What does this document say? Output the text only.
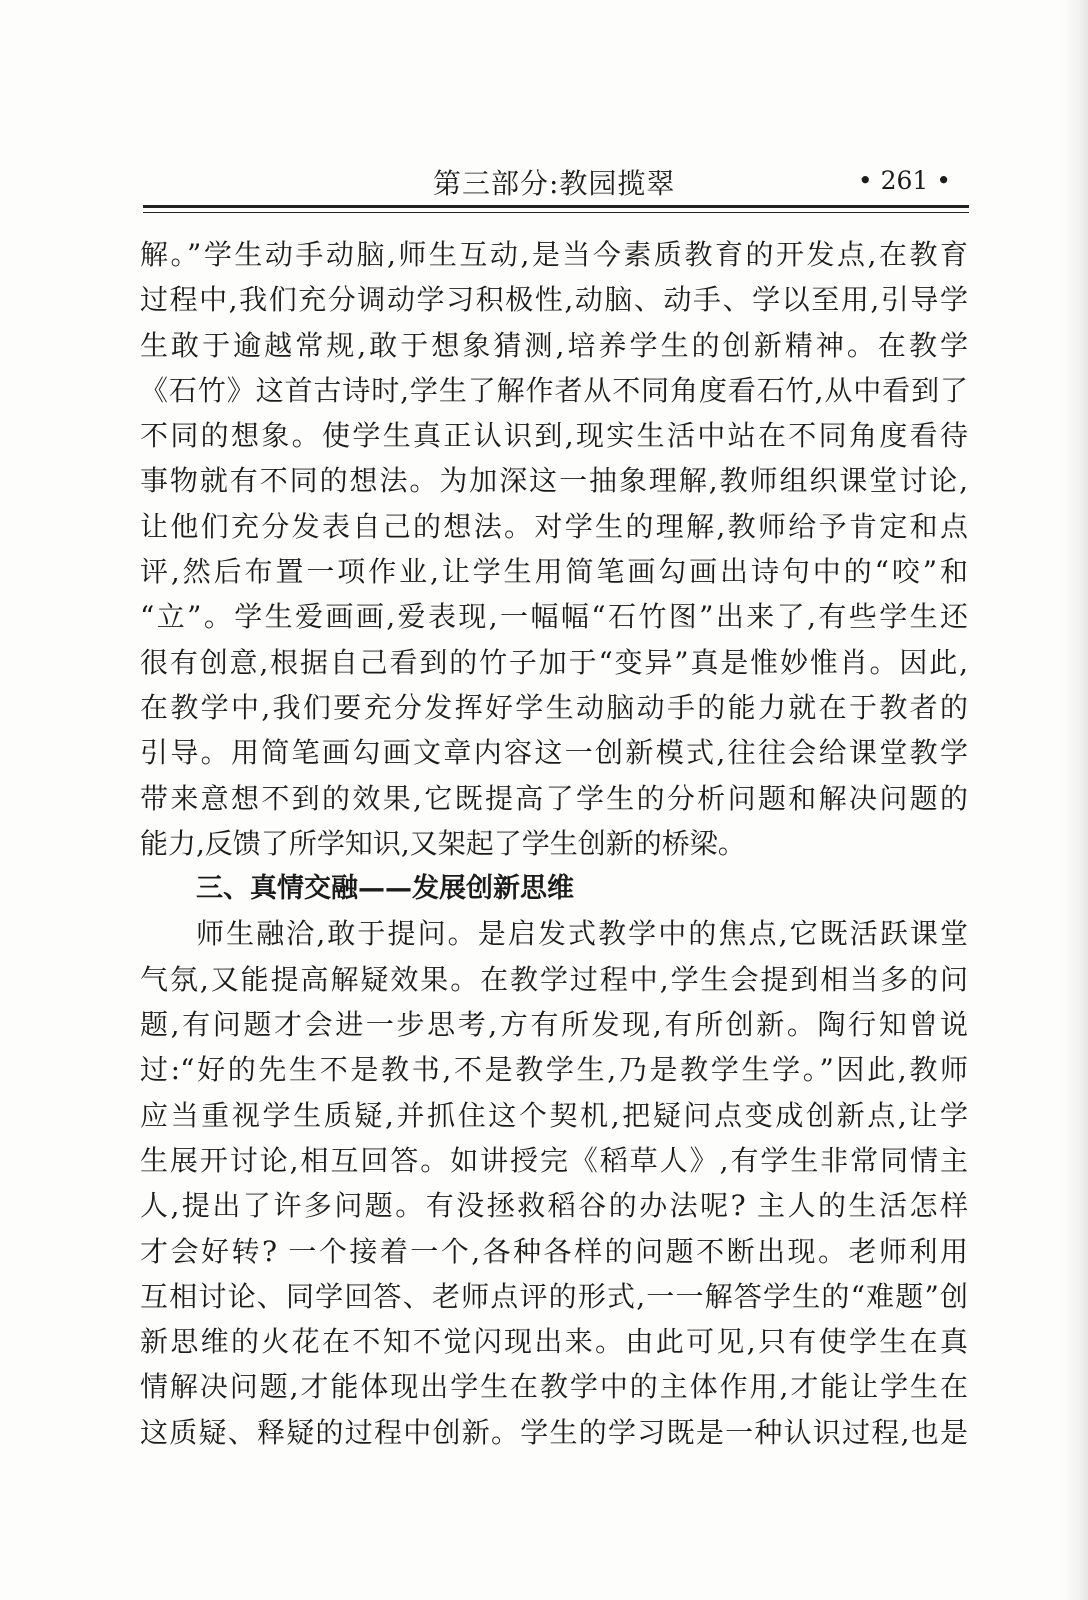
第三部分:教园揽翠	• 261 •
解。”学生动手动脑,师生互动,是当今素质教育的开发点,在教育
过程中,我们充分调动学习积极性,动脑、动手、学以至用,引导学
生敢于逾越常规,敢于想象猜测,培养学生的创新精神。在教学
《石竹》这首古诗时,学生了解作者从不同角度看石竹,从中看到了
不同的想象。使学生真正认识到,现实生活中站在不同角度看待
事物就有不同的想法。为加深这一抽象理解,教师组织课堂讨论,
让他们充分发表自己的想法。对学生的理解,教师给予肯定和点
评,然后布置一项作业,让学生用简笔画勾画出诗句中的“咬”和
“立”。学生爱画画,爱表现,一幅幅“石竹图”出来了,有些学生还
很有创意,根据自己看到的竹子加于“变异”真是惟妙惟肖。因此,
在教学中,我们要充分发挥好学生动脑动手的能力就在于教者的
引导。用简笔画勾画文章内容这一创新模式,往往会给课堂教学
带来意想不到的效果,它既提高了学生的分析问题和解决问题的
能力,反馈了所学知识,又架起了学生创新的桥梁。
三、真情交融——发展创新思维
师生融洽,敢于提问。是启发式教学中的焦点,它既活跃课堂
气氛,又能提高解疑效果。在教学过程中,学生会提到相当多的问
题,有问题才会进一步思考,方有所发现,有所创新。陶行知曾说
过:“好的先生不是教书,不是教学生,乃是教学生学。”因此,教师
应当重视学生质疑,并抓住这个契机,把疑问点变成创新点,让学
生展开讨论,相互回答。如讲授完《稻草人》,有学生非常同情主
人,提出了许多问题。有没拯救稻谷的办法呢? 主人的生活怎样
才会好转? 一个接着一个,各种各样的问题不断出现。老师利用
互相讨论、同学回答、老师点评的形式,一一解答学生的“难题”创
新思维的火花在不知不觉闪现出来。由此可见,只有使学生在真
情解决问题,才能体现出学生在教学中的主体作用,才能让学生在
这质疑、释疑的过程中创新。学生的学习既是一种认识过程,也是
